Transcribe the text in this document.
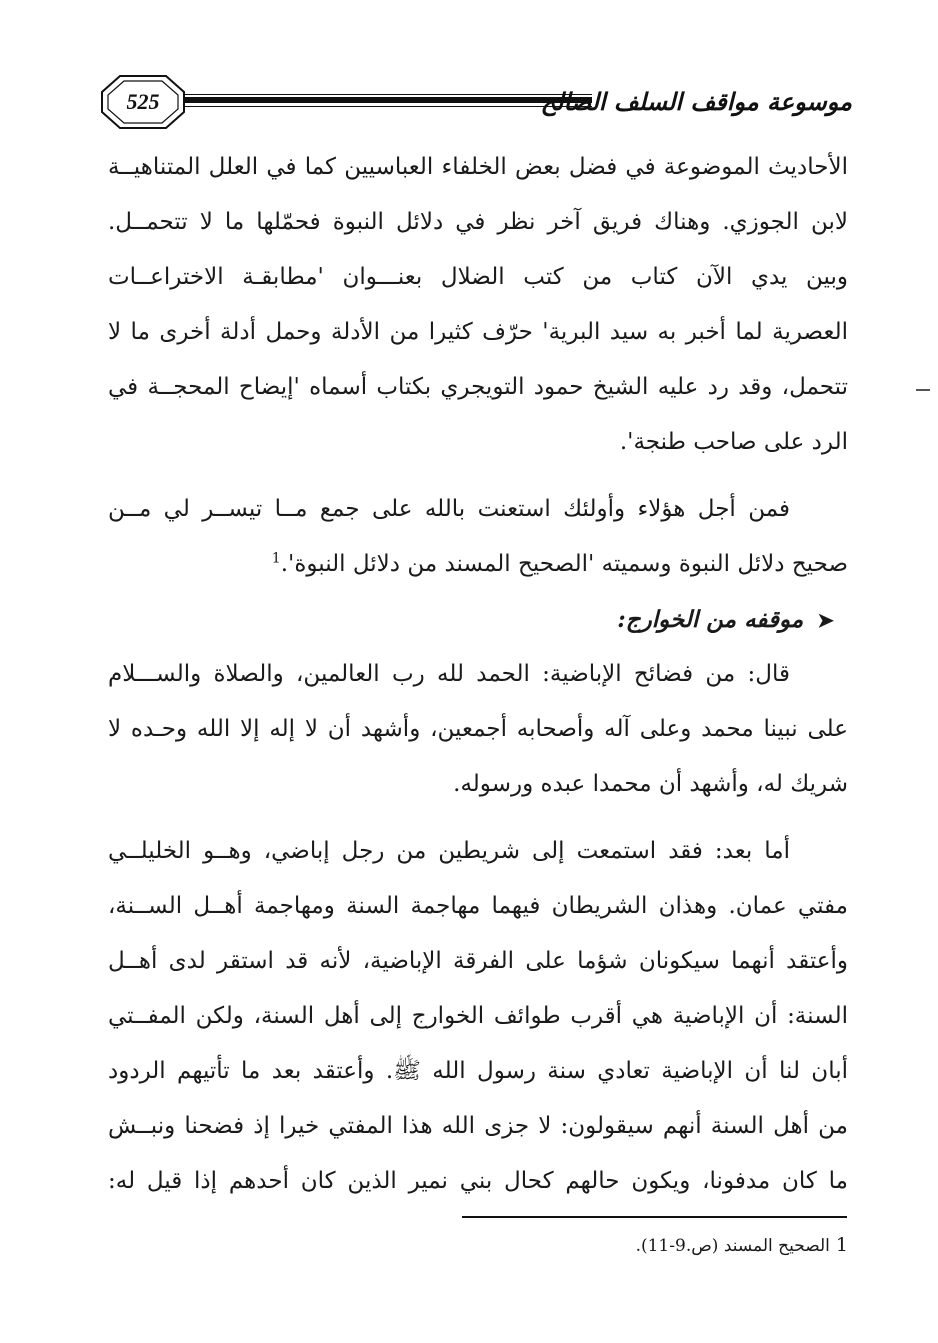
525	موسوعة مواقف السلف الصالح
الأحاديث الموضوعة في فضل بعض الخلفاء العباسيين كما في العلل المتناهيــة
لابن الجوزي. وهناك فريق آخر نظر في دلائل النبوة فحمّلها ما لا تتحمــل.
وبين يدي الآن كتاب من كتب الضلال بعنـــوان 'مطابقـة الاختراعــات
العصرية لما أخبر به سيد البرية' حرّف كثيرا من الأدلة وحمل أدلة أخرى ما لا
تتحمل، وقد رد عليه الشيخ حمود التويجري بكتاب أسماه 'إيضاح المحجــة في
الرد على صاحب طنجة'.
فمن أجل هؤلاء وأولئك استعنت بالله على جمع مــا تيســر لي مــن
صحيح دلائل النبوة وسميته 'الصحيح المسند من دلائل النبوة'.$^1$
➤موقفه من الخوارج:
قال: من فضائح الإباضية: الحمد لله رب العالمين، والصلاة والســـلام
على نبينا محمد وعلى آله وأصحابه أجمعين، وأشهد أن لا إله إلا الله وحـده لا
شريك له، وأشهد أن محمدا عبده ورسوله.
أما بعد: فقد استمعت إلى شريطين من رجل إباضي، وهــو الخليلــي
مفتي عمان. وهذان الشريطان فيهما مهاجمة السنة ومهاجمة أهــل الســنة،
وأعتقد أنهما سيكونان شؤما على الفرقة الإباضية، لأنه قد استقر لدى أهــل
السنة: أن الإباضية هي أقرب طوائف الخوارج إلى أهل السنة، ولكن المفــتي
أبان لنا أن الإباضية تعادي سنة رسول الله ﷺ. وأعتقد بعد ما تأتيهم الردود
من أهل السنة أنهم سيقولون: لا جزى الله هذا المفتي خيرا إذ فضحنا ونبــش
ما كان مدفونا، ويكون حالهم كحال بني نمير الذين كان أحدهم إذا قيل له:
1الصحيح المسند (ص.9-11).
